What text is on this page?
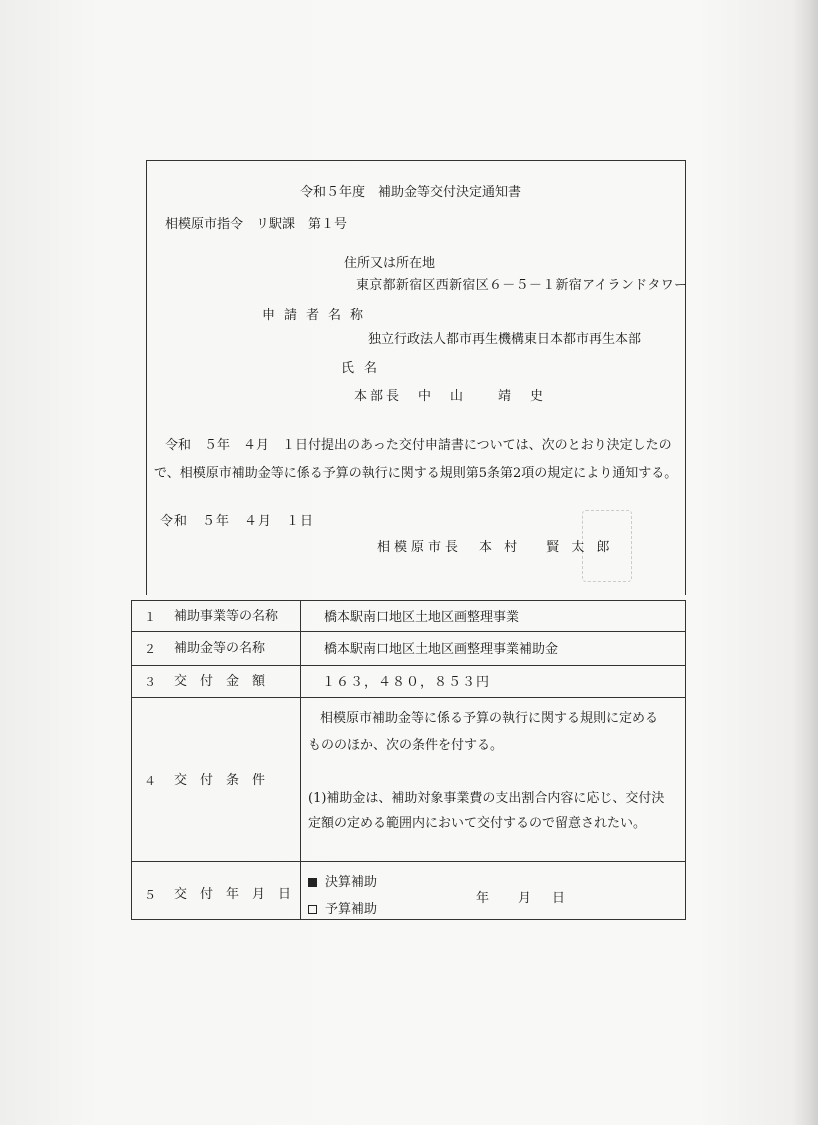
令和５年度　補助金等交付決定通知書
相模原市指令　リ駅課　第１号
住所又は所在地
東京都新宿区西新宿区６－５－１新宿アイランドタワー
申請者名称
独立行政法人都市再生機構東日本都市再生本部
氏名
本部長　中　山　　靖　史
令和　５年　４月　１日付提出のあった交付申請書については、次のとおり決定したの
で、相模原市補助金等に係る予算の執行に関する規則第5条第2項の規定により通知する。
令和　５年　４月　１日
相模原市長　本 村　 賢 太 郎
１ 補助事業等の名称	橋本駅南口地区土地区画整理事業
２ 補助金等の名称	橋本駅南口地区土地区画整理事業補助金
３ 交　付　金　額	１６３，４８０，８５３円
４ 交　付　条　件
相模原市補助金等に係る予算の執行に関する規則に定める
もののほか、次の条件を付する。
(1)補助金は、補助対象事業費の支出割合内容に応じ、交付決
定額の定める範囲内において交付するので留意されたい。
５ 交　付　年　月　日
決算補助
予算補助
年 月 日
